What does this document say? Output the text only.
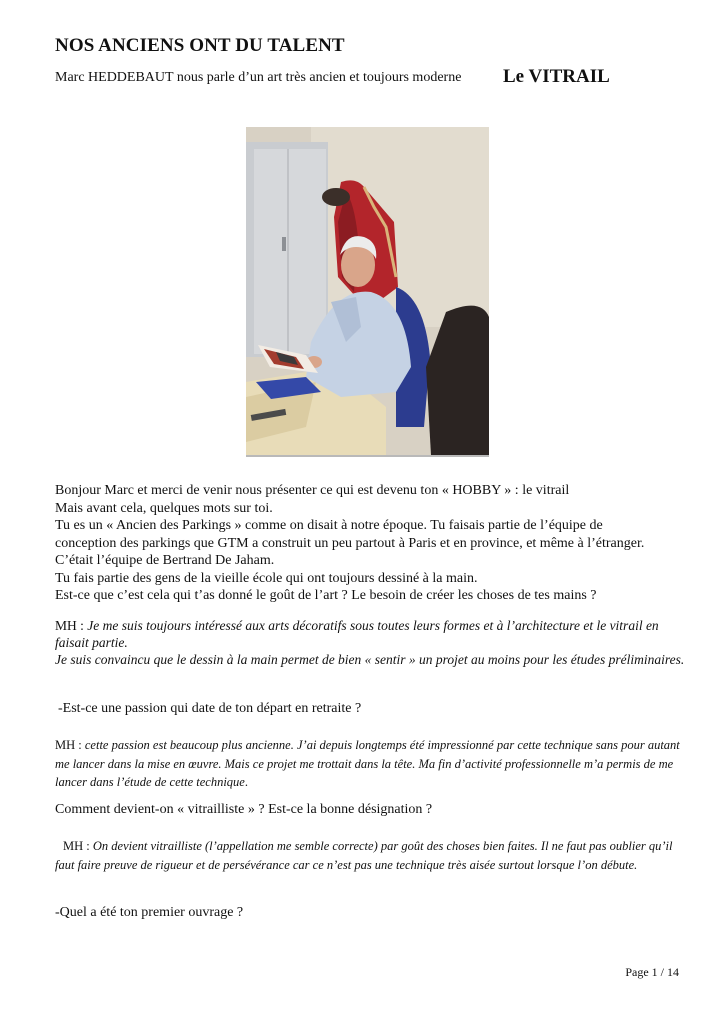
NOS ANCIENS ONT DU TALENT
Marc HEDDEBAUT nous parle d’un art très ancien et toujours moderne Le VITRAIL
Bonjour Marc et merci de venir nous présenter ce qui est devenu ton « HOBBY » : le vitrail
Mais avant cela, quelques mots sur toi.
Tu es un « Ancien des Parkings » comme on disait à notre époque. Tu faisais partie de l’équipe de
conception des parkings que GTM a construit un peu partout à Paris et en province, et même à l’étranger.
C’était l’équipe de Bertrand De Jaham.
Tu fais partie des gens de la vieille école qui ont toujours dessiné à la main.
Est-ce que c’est cela qui t’as donné le goût de l’art ? Le besoin de créer les choses de tes mains ?
MH : Je me suis toujours intéressé aux arts décoratifs sous toutes leurs formes et à l’architecture et le vitrail en faisait partie.
Je suis convaincu que le dessin à la main permet de bien « sentir » un projet au moins pour les études préliminaires.
-Est-ce une passion qui date de ton départ en retraite ?
MH : cette passion est beaucoup plus ancienne. J’ai depuis longtemps été impressionné par cette technique sans pour autant me lancer dans la mise en œuvre. Mais ce projet me trottait dans la tête. Ma fin d’activité professionnelle m’a permis de me lancer dans l’étude de cette technique.
Comment devient-on « vitrailliste » ? Est-ce la bonne désignation ?
MH : On devient vitrailliste (l’appellation me semble correcte) par goût des choses bien faites. Il ne faut pas oublier qu’il faut faire preuve de rigueur et de persévérance car ce n’est pas une technique très aisée surtout lorsque l’on débute.
-Quel a été ton premier ouvrage ?
Page 1 / 14
